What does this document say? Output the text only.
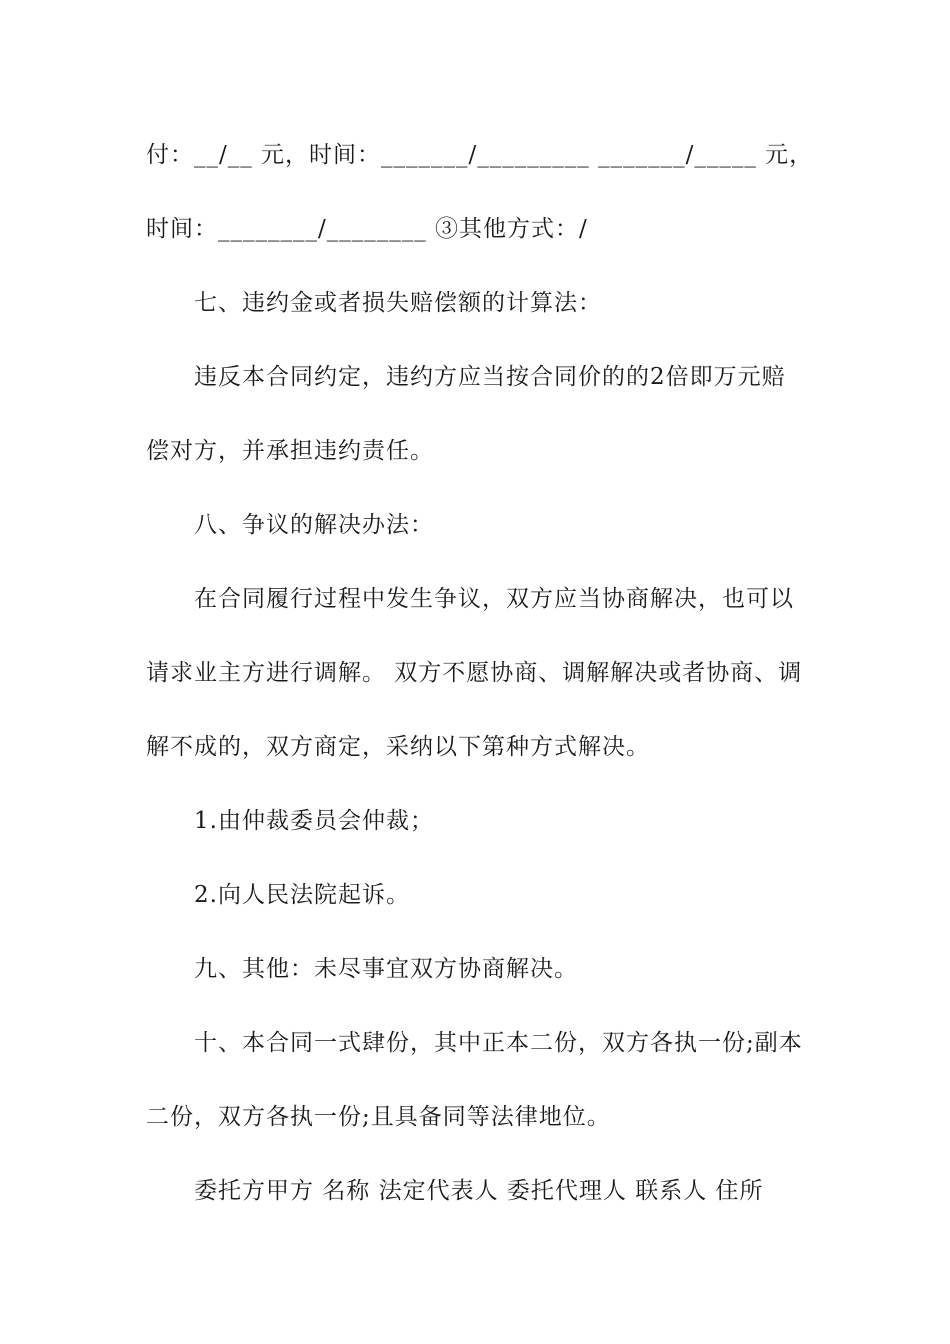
付：__/__ 元，时间：_______/_________ _______/_____ 元，
时间：________/________ ③其他方式：/
七、违约金或者损失赔偿额的计算法：
违反本合同约定，违约方应当按合同价的的2倍即万元赔
偿对方，并承担违约责任。
八、争议的解决办法：
在合同履行过程中发生争议，双方应当协商解决，也可以
请求业主方进行调解。 双方不愿协商、调解解决或者协商、调
解不成的，双方商定，采纳以下第种方式解决。
1.由仲裁委员会仲裁；
2.向人民法院起诉。
九、其他：未尽事宜双方协商解决。
十、本合同一式肆份，其中正本二份，双方各执一份;副本
二份，双方各执一份;且具备同等法律地位。
委托方甲方 名称 法定代表人 委托代理人 联系人 住所
